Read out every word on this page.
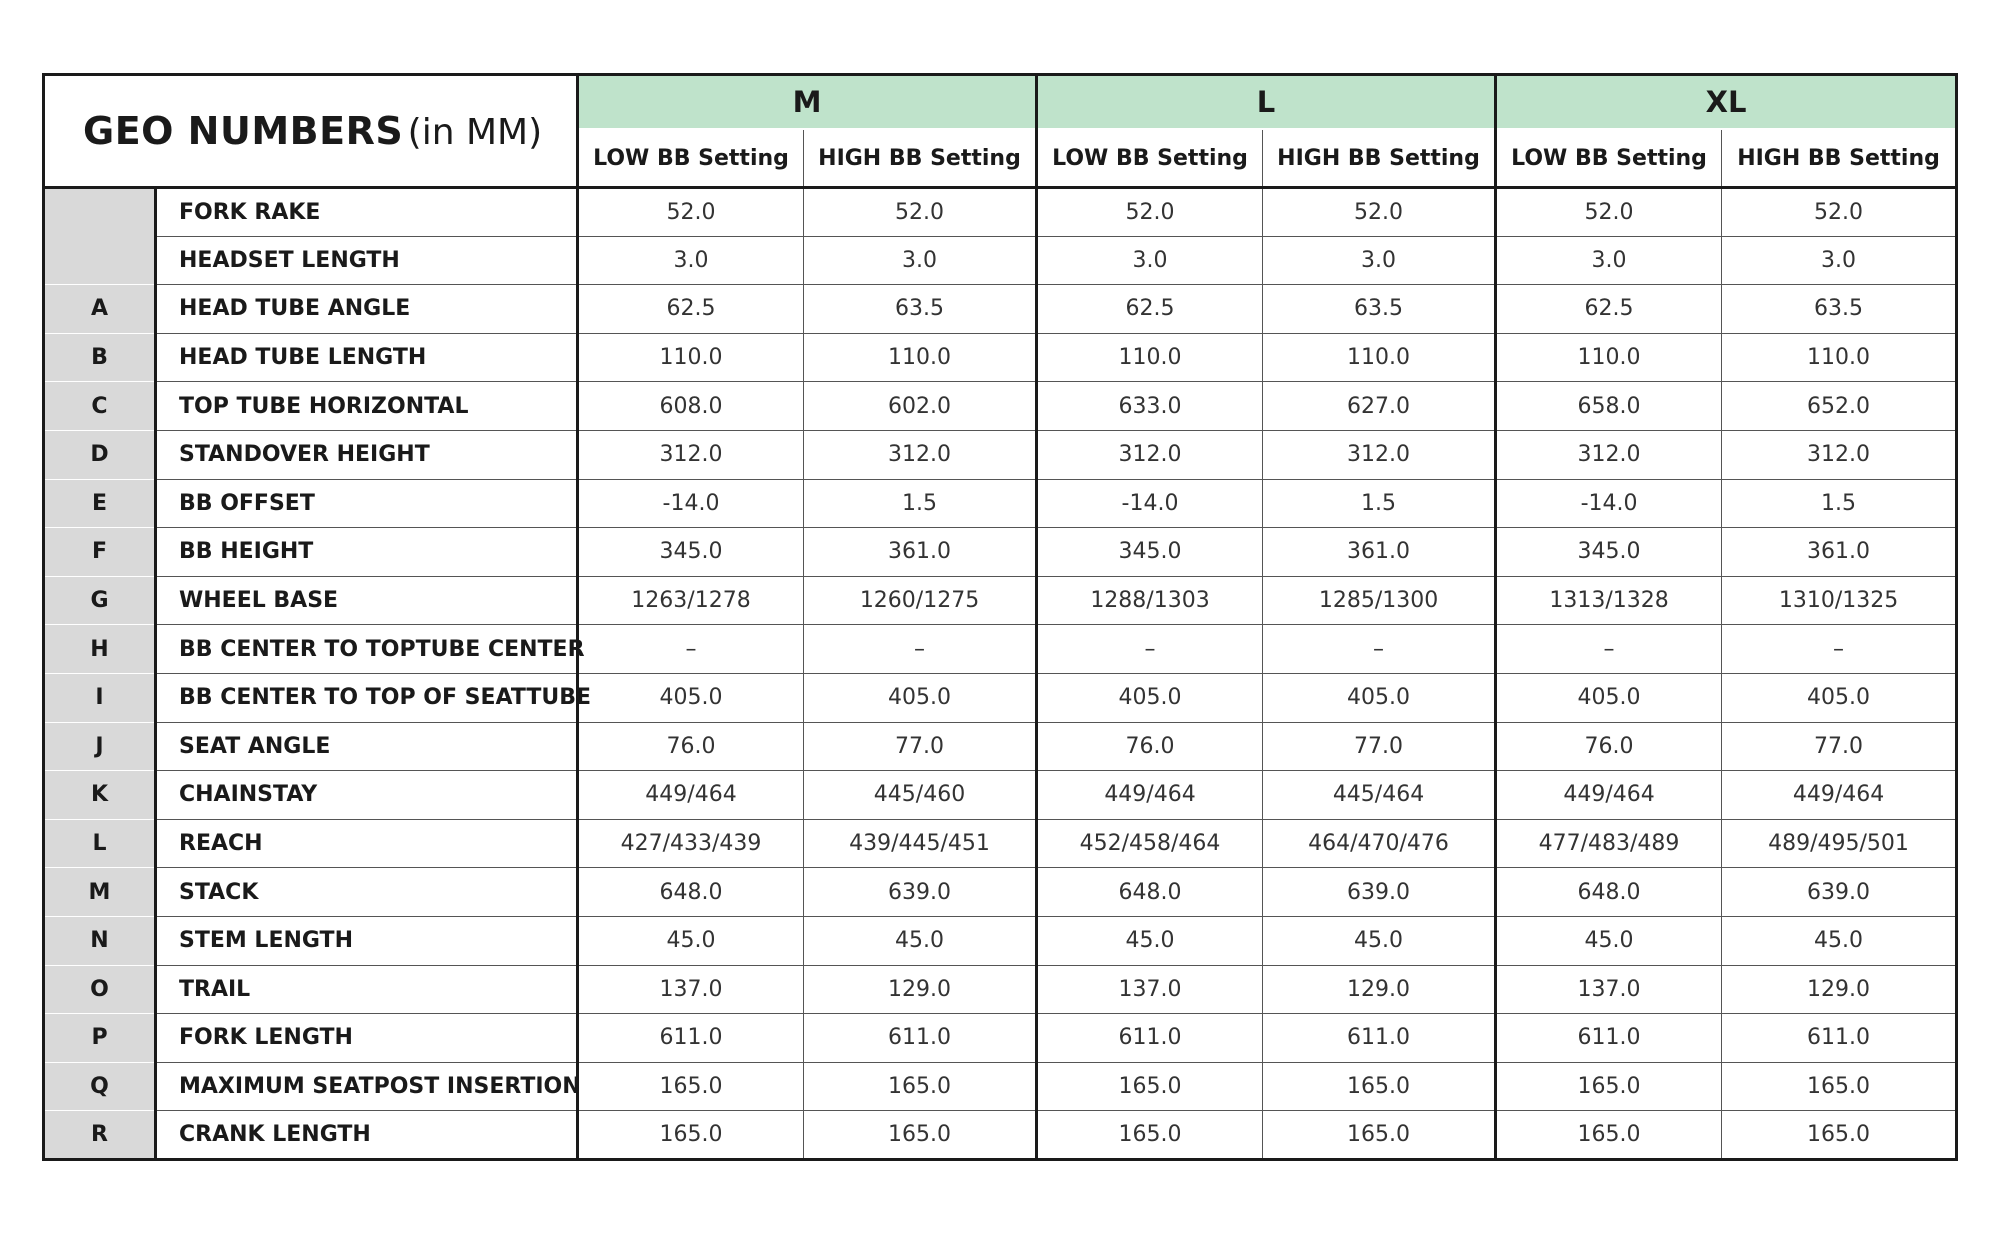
GEO NUMBERS (in MM)		M		L		XL	
		LOW BB Setting	HIGH BB Setting	LOW BB Setting	HIGH BB Setting	LOW BB Setting	HIGH BB Setting
	FORK RAKE	52.0	52.0	52.0	52.0	52.0	52.0
	HEADSET LENGTH	3.0	3.0	3.0	3.0	3.0	3.0
A	HEAD TUBE ANGLE	62.5	63.5	62.5	63.5	62.5	63.5
B	HEAD TUBE LENGTH	110.0	110.0	110.0	110.0	110.0	110.0
C	TOP TUBE HORIZONTAL	608.0	602.0	633.0	627.0	658.0	652.0
D	STANDOVER HEIGHT	312.0	312.0	312.0	312.0	312.0	312.0
E	BB OFFSET	-14.0	1.5	-14.0	1.5	-14.0	1.5
F	BB HEIGHT	345.0	361.0	345.0	361.0	345.0	361.0
G	WHEEL BASE	1263/1278	1260/1275	1288/1303	1285/1300	1313/1328	1310/1325
H	BB CENTER TO TOPTUBE CENTER	–	–	–	–	–	–
I	BB CENTER TO TOP OF SEATTUBE	405.0	405.0	405.0	405.0	405.0	405.0
J	SEAT ANGLE	76.0	77.0	76.0	77.0	76.0	77.0
K	CHAINSTAY	449/464	445/460	449/464	445/464	449/464	449/464
L	REACH	427/433/439	439/445/451	452/458/464	464/470/476	477/483/489	489/495/501
M	STACK	648.0	639.0	648.0	639.0	648.0	639.0
N	STEM LENGTH	45.0	45.0	45.0	45.0	45.0	45.0
O	TRAIL	137.0	129.0	137.0	129.0	137.0	129.0
P	FORK LENGTH	611.0	611.0	611.0	611.0	611.0	611.0
Q	MAXIMUM SEATPOST INSERTION	165.0	165.0	165.0	165.0	165.0	165.0
R	CRANK LENGTH	165.0	165.0	165.0	165.0	165.0	165.0
